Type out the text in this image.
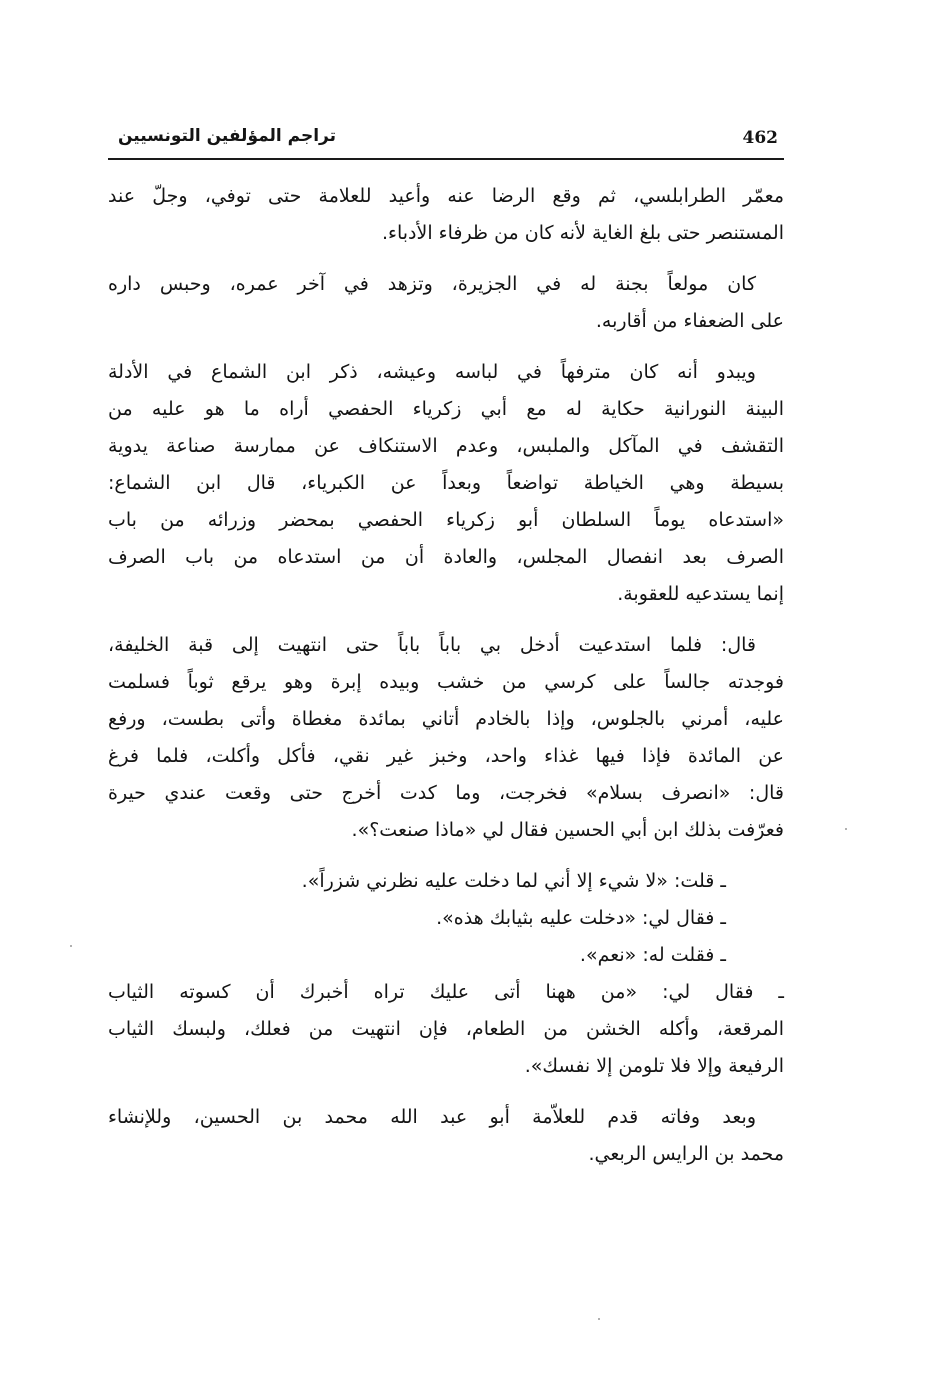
462
تراجم المؤلفين التونسيين
معمّر الطرابلسي، ثم وقع الرضا عنه وأعيد للعلامة حتى توفي، وجلّ عند
المستنصر حتى بلغ الغاية لأنه كان من ظرفاء الأدباء.
كان مولعاً بجنة له في الجزيرة، وتزهد في آخر عمره، وحبس داره
على الضعفاء من أقاربه.
ويبدو أنه كان مترفهاً في لباسه وعيشه، ذكر ابن الشماع في الأدلة
البينة النورانية حكاية له مع أبي زكرياء الحفصي أراه ما هو عليه من
التقشف في المآكل والملبس، وعدم الاستنكاف عن ممارسة صناعة يدوية
بسيطة وهي الخياطة تواضعاً وبعداً عن الكبرياء، قال ابن الشماع:
«استدعاه يوماً السلطان أبو زكرياء الحفصي بمحضر وزرائه من باب
الصرف بعد انفصال المجلس، والعادة أن من استدعاه من باب الصرف
إنما يستدعيه للعقوبة.
قال: فلما استدعيت أدخل بي باباً باباً حتى انتهيت إلى قبة الخليفة،
فوجدته جالساً على كرسي من خشب وبيده إبرة وهو يرقع ثوباً فسلمت
عليه، أمرني بالجلوس، وإذا بالخادم أتاني بمائدة مغطاة وأتى بطست، ورفع
عن المائدة فإذا فيها غذاء واحد، وخبز غير نقي، فأكل وأكلت، فلما فرغ
قال: «انصرف بسلام» فخرجت، وما كدت أخرج حتى وقعت عندي حيرة
فعرّفت بذلك ابن أبي الحسين فقال لي «ماذا صنعت؟».
ـ قلت: «لا شيء إلا أني لما دخلت عليه نظرني شزراً».
ـ فقال لي: «دخلت عليه بثيابك هذه».
ـ فقلت له: «نعم».
ـ فقال لي: «من ههنا أتى عليك تراه أخبرك أن كسوته الثياب
المرقعة، وأكله الخشن من الطعام، فإن انتهيت من فعلك، ولبسك الثياب
الرفيعة وإلا فلا تلومن إلا نفسك».
وبعد وفاته قدم للعلاّمة أبو عبد الله محمد بن الحسين، وللإنشاء
محمد بن الرايس الربعي.
